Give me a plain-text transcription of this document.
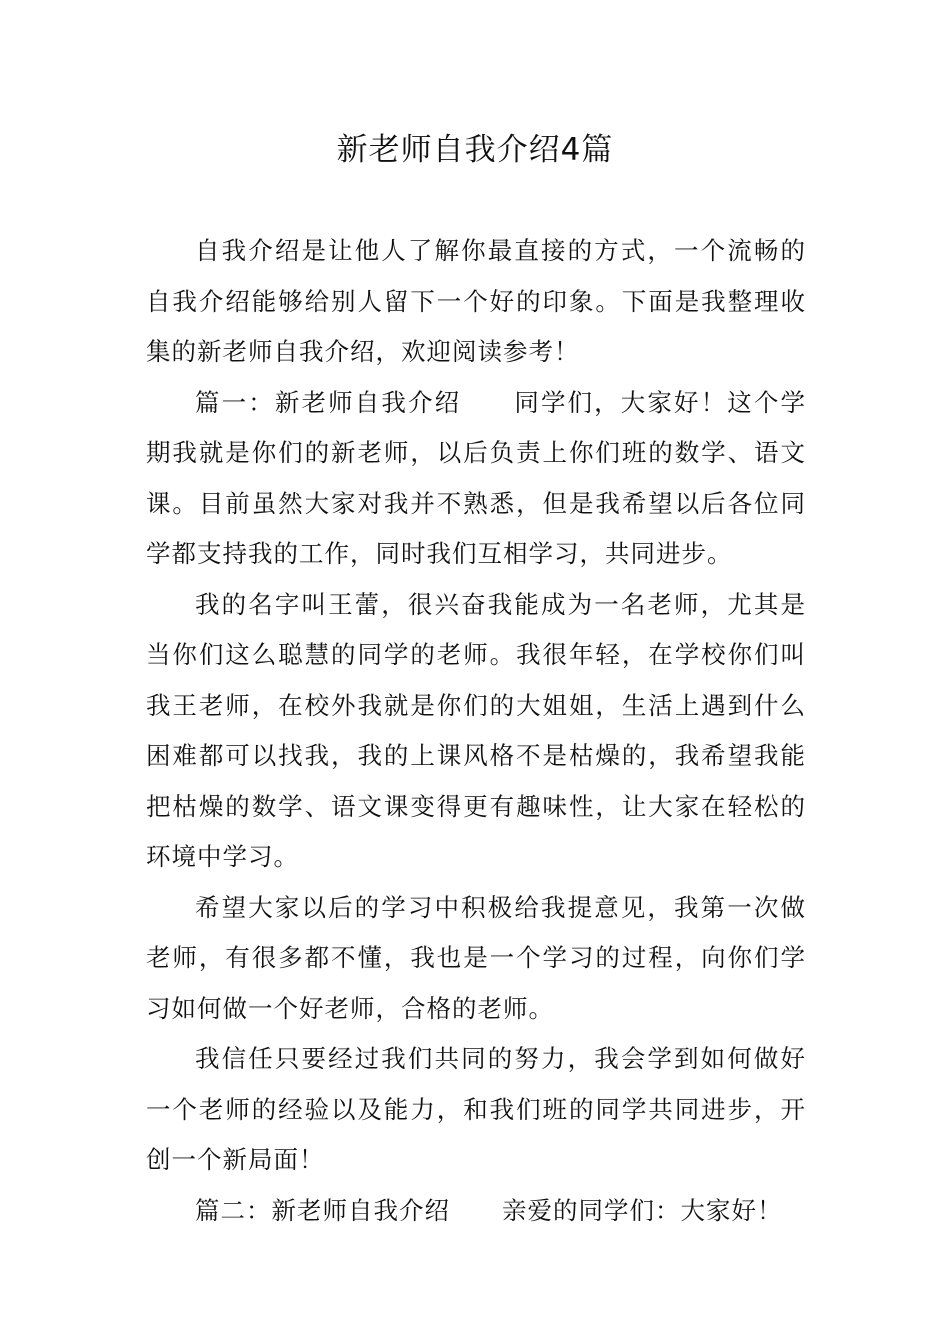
新老师自我介绍4篇

自我介绍是让他人了解你最直接的方式，一个流畅的自我介绍能够给别人留下一个好的印象。下面是我整理收集的新老师自我介绍，欢迎阅读参考！

篇一：新老师自我介绍 同学们，大家好！这个学期我就是你们的新老师，以后负责上你们班的数学、语文课。目前虽然大家对我并不熟悉，但是我希望以后各位同学都支持我的工作，同时我们互相学习，共同进步。

我的名字叫王蕾，很兴奋我能成为一名老师，尤其是当你们这么聪慧的同学的老师。我很年轻，在学校你们叫我王老师，在校外我就是你们的大姐姐，生活上遇到什么困难都可以找我，我的上课风格不是枯燥的，我希望我能把枯燥的数学、语文课变得更有趣味性，让大家在轻松的环境中学习。

希望大家以后的学习中积极给我提意见，我第一次做老师，有很多都不懂，我也是一个学习的过程，向你们学习如何做一个好老师，合格的老师。

我信任只要经过我们共同的努力，我会学到如何做好一个老师的经验以及能力，和我们班的同学共同进步，开创一个新局面！

篇二：新老师自我介绍 亲爱的同学们：大家好！
